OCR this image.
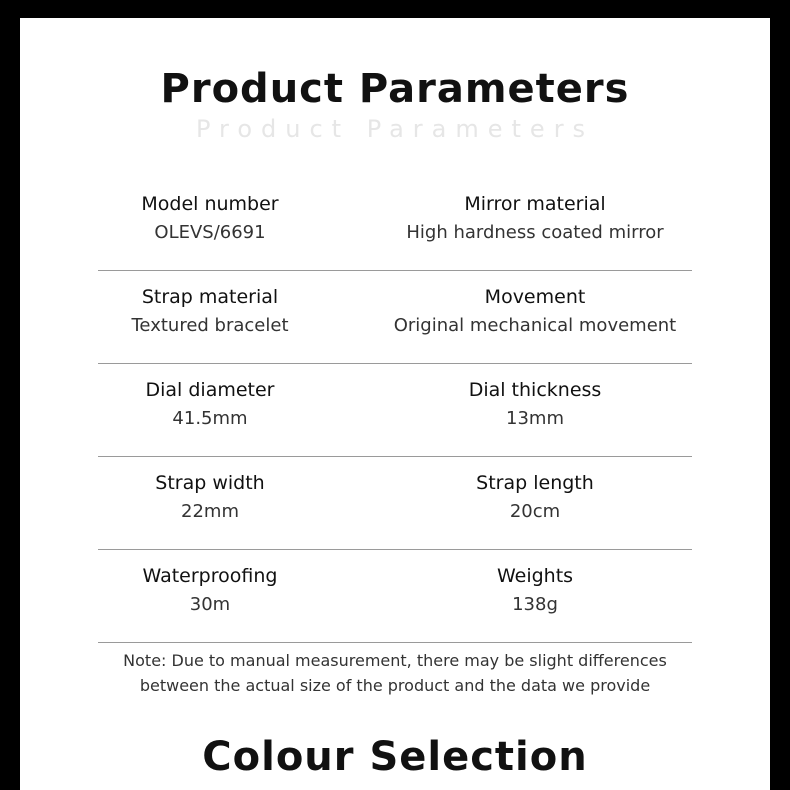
Product Parameters
Product Parameters
Model number
OLEVS/6691
Mirror material
High hardness coated mirror
Strap material
Textured bracelet
Movement
Original mechanical movement
Dial diameter
41.5mm
Dial thickness
13mm
Strap width
22mm
Strap length
20cm
Waterproofing
30m
Weights
138g
Note: Due to manual measurement, there may be slight differences
between the actual size of the product and the data we provide
Colour Selection
